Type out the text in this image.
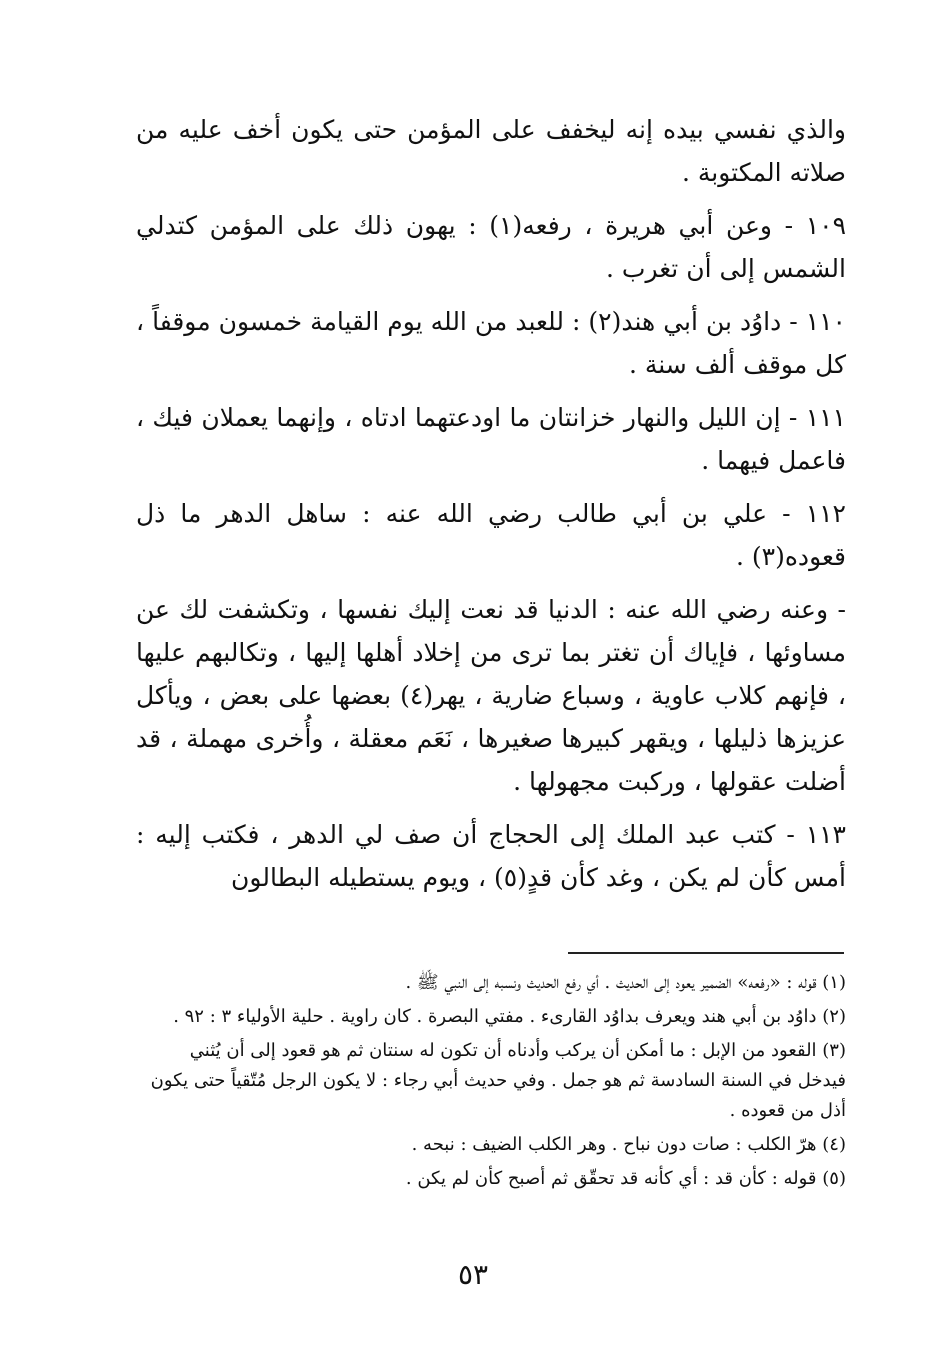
والذي نفسي بيده إنه ليخفف على المؤمن حتى يكون أخف عليه من صلاته المكتوبة .

١٠٩ - وعن أبي هريرة ، رفعه(١) : يهون ذلك على المؤمن كتدلي الشمس إلى أن تغرب .

١١٠ - داوُد بن أبي هند(٢) : للعبد من الله يوم القيامة خمسون موقفاً ، كل موقف ألف سنة .

١١١ - إن الليل والنهار خزانتان ما اودعتهما ادتاه ، وإنهما يعملان فيك ، فاعمل فيهما .

١١٢ - علي بن أبي طالب رضي الله عنه : ساهل الدهر ما ذل قعوده(٣) .

- وعنه رضي الله عنه : الدنيا قد نعت إليك نفسها ، وتكشفت لك عن مساوئها ، فإياك أن تغتر بما ترى من إخلاد أهلها إليها ، وتكالبهم عليها ، فإنهم كلاب عاوية ، وسباع ضارية ، يهر(٤) بعضها على بعض ، ويأكل عزيزها ذليلها ، ويقهر كبيرها صغيرها ، نَعَم معقلة ، وأُخرى مهملة ، قد أضلت عقولها ، وركبت مجهولها .

١١٣ - كتب عبد الملك إلى الحجاج أن صف لي الدهر ، فكتب إليه : أمس كأن لم يكن ، وغد كأن قدٍ(٥) ، ويوم يستطيله البطالون

(١) قوله : «رفعه» الضمير يعود إلى الحديث . أي رفع الحديث ونسبه إلى النبي ﷺ .

(٢) داوُد بن أبي هند ويعرف بداوُد القارىء . مفتي البصرة . كان راوية . حلية الأولياء ٣ : ٩٢ .

(٣) القعود من الإبل : ما أمكن أن يركب وأدناه أن تكون له سنتان ثم هو قعود إلى أن يُثني فيدخل في السنة السادسة ثم هو جمل . وفي حديث أبي رجاء : لا يكون الرجل مُتّقياً حتى يكون أذل من قعوده .

(٤) هرّ الكلب : صات دون نباح . وهر الكلب الضيف : نبحه .

(٥) قوله : كأن قد : أي كأنه قد تحقّق ثم أصبح كأن لم يكن .

٥٣
